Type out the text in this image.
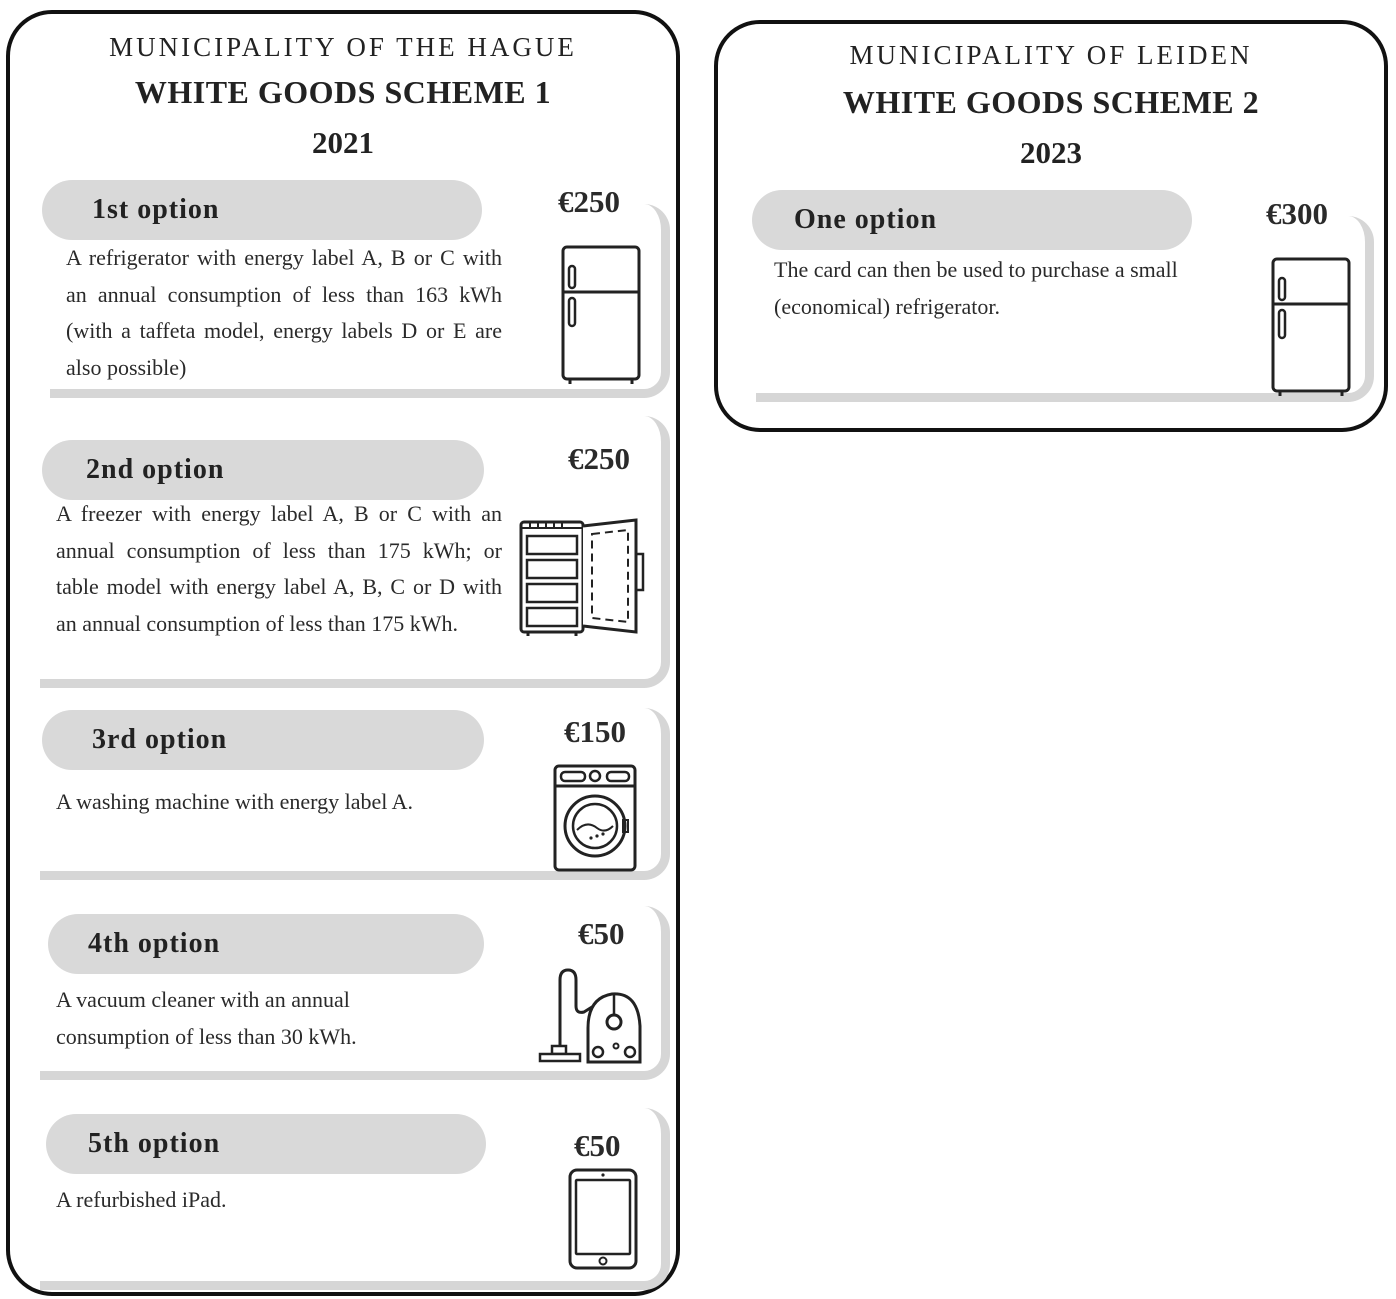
MUNICIPALITY OF THE HAGUE
WHITE GOODS SCHEME 1
2021
1st option	€250
A refrigerator with energy label A, B or C with an annual consumption of less than 163 kWh (with a taffeta model, energy labels D or E are also possible)
2nd option	€250
A freezer with energy label A, B or C with an annual consumption of less than 175 kWh; or table model with energy label A, B, C or D with an annual consumption of less than 175 kWh.
3rd option	€150
A washing machine with energy label A.
4th option	€50
A vacuum cleaner with an annual consumption of less than 30 kWh.
5th option	€50
A refurbished iPad.
MUNICIPALITY OF LEIDEN
WHITE GOODS SCHEME 2
2023
One option	€300
The card can then be used to purchase a small (economical) refrigerator.
